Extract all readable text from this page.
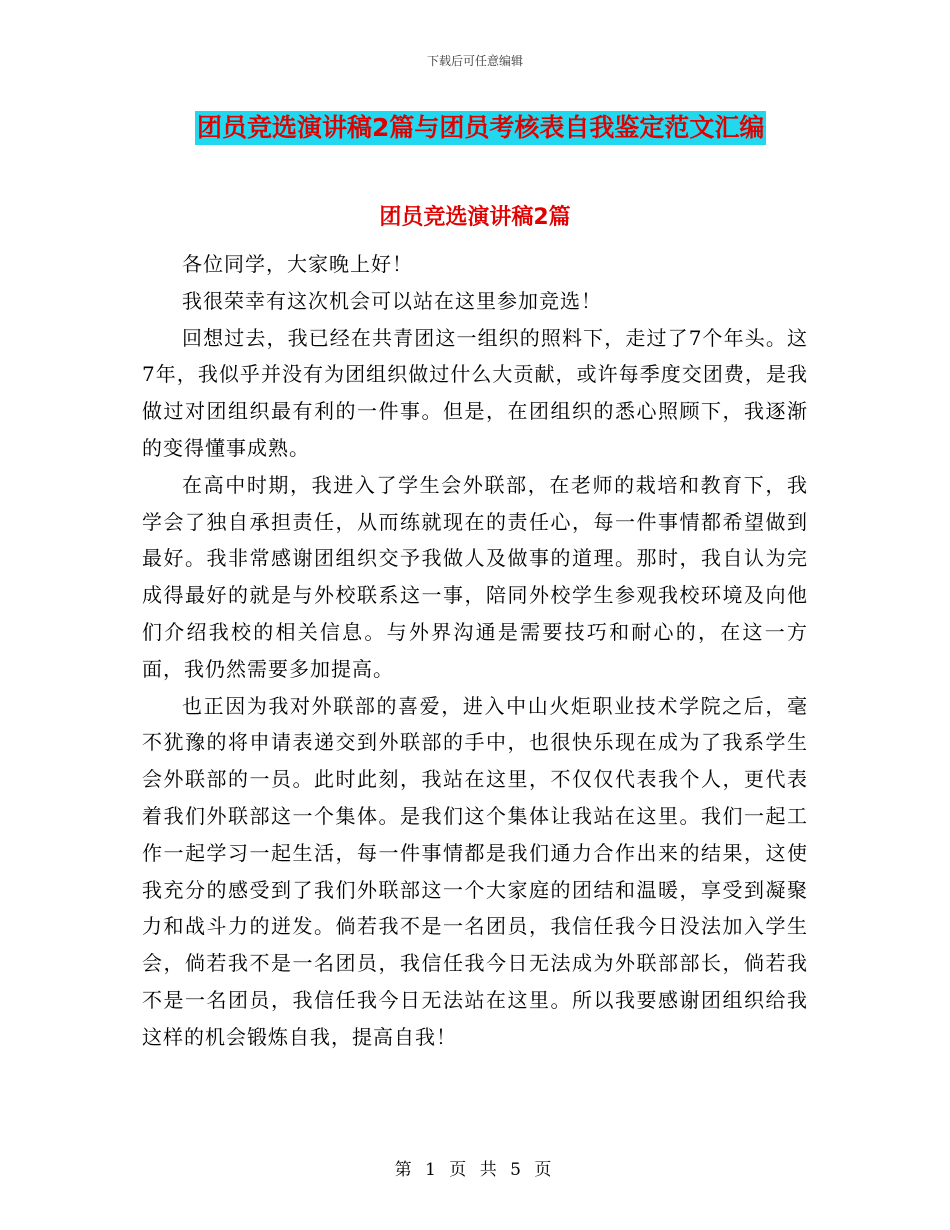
下载后可任意编辑
团员竞选演讲稿2篇与团员考核表自我鉴定范文汇编
团员竞选演讲稿2篇

各位同学，大家晚上好！

我很荣幸有这次机会可以站在这里参加竞选！

回想过去，我已经在共青团这一组织的照料下，走过了7个年头。这7年，我似乎并没有为团组织做过什么大贡献，或许每季度交团费，是我做过对团组织最有利的一件事。但是，在团组织的悉心照顾下，我逐渐的变得懂事成熟。

在高中时期，我进入了学生会外联部，在老师的栽培和教育下，我学会了独自承担责任，从而练就现在的责任心，每一件事情都希望做到最好。我非常感谢团组织交予我做人及做事的道理。那时，我自认为完成得最好的就是与外校联系这一事，陪同外校学生参观我校环境及向他们介绍我校的相关信息。与外界沟通是需要技巧和耐心的，在这一方面，我仍然需要多加提高。

也正因为我对外联部的喜爱，进入中山火炬职业技术学院之后，毫不犹豫的将申请表递交到外联部的手中，也很快乐现在成为了我系学生会外联部的一员。此时此刻，我站在这里，不仅仅代表我个人，更代表着我们外联部这一个集体。是我们这个集体让我站在这里。我们一起工作一起学习一起生活，每一件事情都是我们通力合作出来的结果，这使我充分的感受到了我们外联部这一个大家庭的团结和温暖，享受到凝聚力和战斗力的迸发。倘若我不是一名团员，我信任我今日没法加入学生会，倘若我不是一名团员，我信任我今日无法成为外联部部长，倘若我不是一名团员，我信任我今日无法站在这里。所以我要感谢团组织给我这样的机会锻炼自我，提高自我！

第 1 页 共 5 页
